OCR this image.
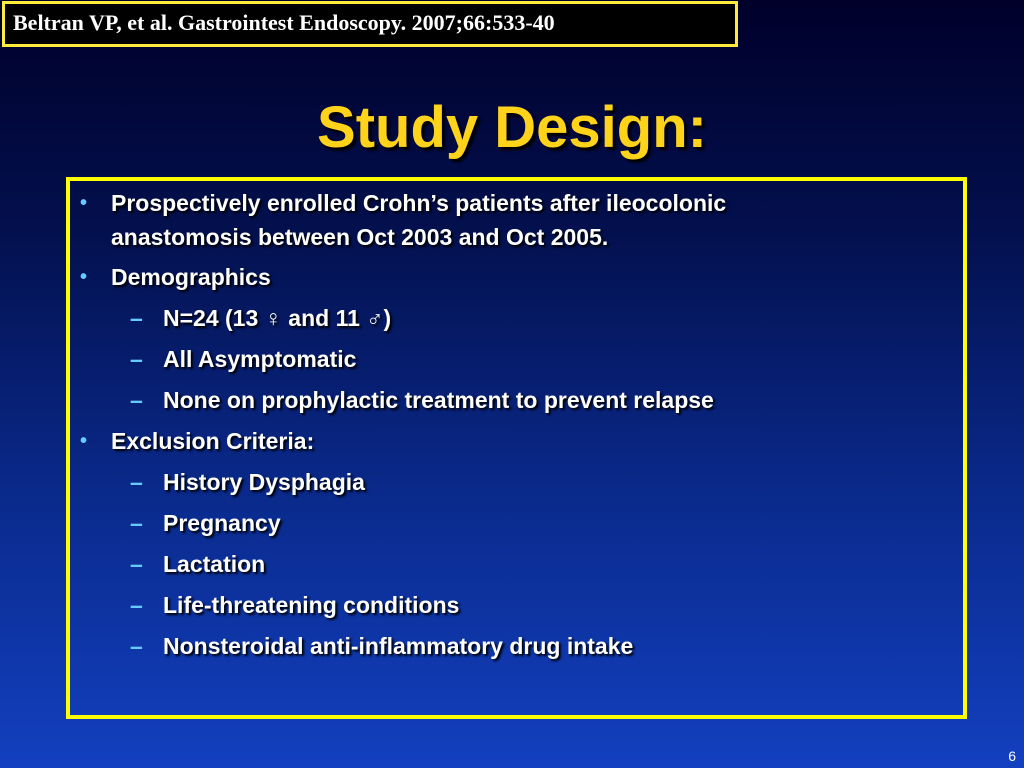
Beltran VP, et al. Gastrointest Endoscopy. 2007;66:533-40
Study Design:
• Prospectively enrolled Crohn’s patients after ileocolonic
anastomosis between Oct 2003 and Oct 2005.
• Demographics
– N=24 (13 ♀ and 11 ♂)
– All Asymptomatic
– None on prophylactic treatment to prevent relapse
• Exclusion Criteria:
– History Dysphagia
– Pregnancy
– Lactation
– Life-threatening conditions
– Nonsteroidal anti-inflammatory drug intake
6
